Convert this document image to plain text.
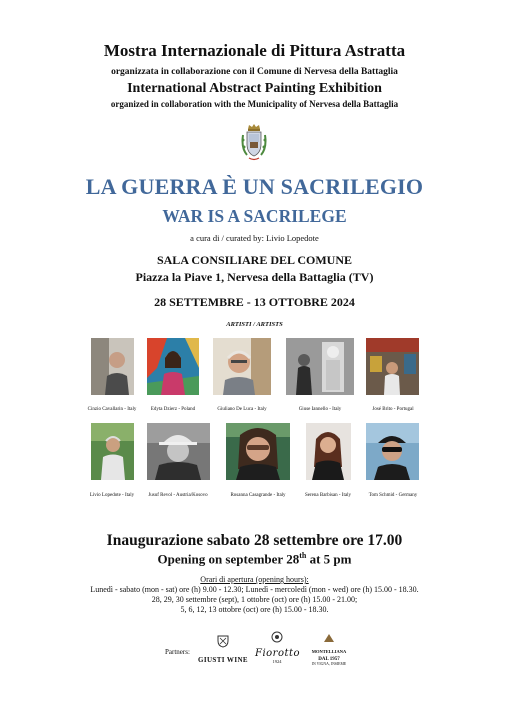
Mostra Internazionale di Pittura Astratta
organizzata in collaborazione con il Comune di Nervesa della Battaglia
International Abstract Painting Exhibition
organized in collaboration with the Municipality of Nervesa della Battaglia
LA GUERRA È UN SACRILEGIO
WAR IS A SACRILEGE
a cura di / curated by: Livio Lopedote
SALA CONSILIARE DEL COMUNE
Piazza la Piave 1, Nervesa della Battaglia (TV)
28 SETTEMBRE - 13 OTTOBRE 2024
ARTISTI / ARTISTS
Cinzio Cavallarin - Italy	Edyta Dzierz - Poland	Giuliano De Luca - Italy	Giuse Iannello - Italy	José Brito - Portugal
Livio Lopedote - Italy	Jusuf Revol - Austria/Kosovo	Rosanna Casagrande - Italy	Serena Barbisan - Italy	Tom Schmid - Germany
Inaugurazione sabato 28 settembre ore 17.00
Opening on september 28th at 5 pm
Orari di apertura (opening hours):
Lunedì - sabato (mon - sat) ore (h) 9.00 - 12.30; Lunedì - mercoledì (mon - wed) ore (h) 15.00 - 18.30.
28, 29, 30 settembre (sept), 1 ottobre (oct) ore (h) 15.00 - 21.00;
5, 6, 12, 13 ottobre (oct) ore (h) 15.00 - 18.30.
Partners:
GIUSTI WINE
Fiorotto
1924
MONTELLIANA
DAL 1957
IN VIGNA, INSIEME
